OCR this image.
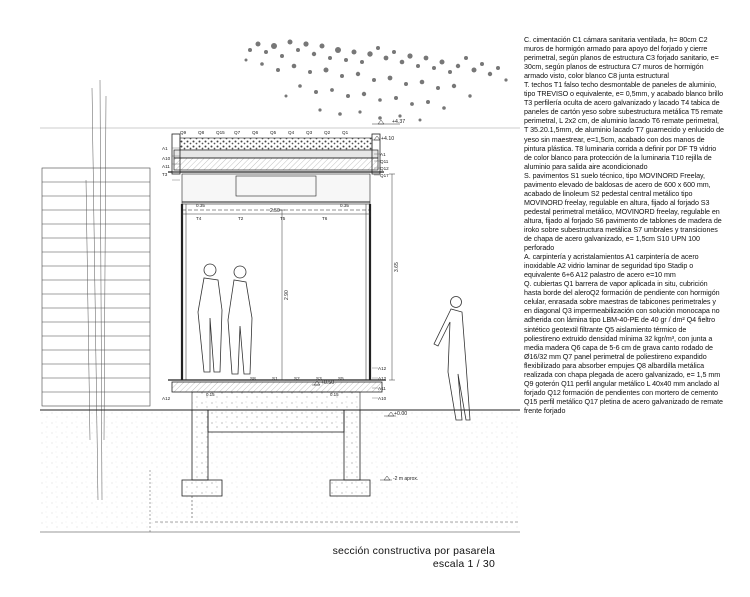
+4.37
+4.10
+0.50
+0.00
-2 m aprox.
2.50
2.90
3.65
0.35	0.35
0.15	0.15
Q9	Q8	Q15 Q7	Q6	Q5	Q4	Q3	Q2	Q1
A1
A10
A11
T3
A12
A1
Q11
Q12
Q17
T4	T2	T5	T6
A12
A12
A11
A10
S8	S1	S2	S3	S5

C. cimentación C1 cámara sanitaria ventilada, h= 80cm C2 muros de hormigón armado para apoyo del forjado y cierre perimetral, según planos de estructura C3 forjado sanitario, e= 30cm, según planos de estructura C7 muros de hormigón armado visto, color blanco C8 junta estructural

T. techos T1 falso techo desmontable de paneles de aluminio, tipo TREVISO o equivalente, e= 0,5mm, y acabado blanco brillo T3 perfilería oculta de acero galvanizado y lacado T4 tabica de paneles de cartón yeso sobre subestructura metálica T5 remate perimetral, L 2x2 cm, de aluminio lacado T6 remate perimetral, T 35.20.1,5mm, de aluminio lacado T7 guarnecido y enlucido de yeso sin maestrear, e=1,5cm, acabado con dos manos de pintura plástica. T8 luminaria corrida a definir por DF T9 vidrio de color blanco para protección de la luminaria T10 rejilla de aluminio para salida aire acondicionado

S. pavimentos S1 suelo técnico, tipo MOVINORD Freelay, pavimento elevado de baldosas de acero de 600 x 600 mm, acabado de linoleum S2 pedestal central metálico tipo MOVINORD freelay, regulable en altura, fijado al forjado S3 pedestal perimetral metálico, MOVINORD freelay, regulable en altura, fijado al forjado S6 pavimento de tablones de madera de iroko sobre subestructura metálica S7 umbrales y transiciones de chapa de acero galvanizado, e= 1,5cm S10 UPN 100 perforado

A. carpintería y acristalamientos A1 carpintería de acero inoxidable A2 vidrio laminar de seguridad tipo Stadip o equivalente 6+6 A12 palastro de acero e=10 mm

Q. cubiertas Q1 barrera de vapor aplicada in situ, cubrición hasta borde del aleroQ2 formación de pendiente con hormigón celular, enrasada sobre maestras de tabicones perimetrales y en diagonal Q3 impermeabilización con solución monocapa no adherida con lámina tipo LBM-40-PE de 40 gr / dm² Q4 fieltro sintético geotextil filtrante Q5 aislamiento térmico de poliestireno extruido densidad mínima 32 kgr/m³, con junta a media madera Q6 capa de 5-6 cm de grava canto rodado de Ø16/32 mm Q7 panel perimetral de poliestireno expandido flexibilizado para absorber empujes Q8 albardilla metálica realizada con chapa plegada de acero galvanizado, e= 1,5 mm Q9 goterón Q11 perfil angular metálico L 40x40 mm anclado al forjado Q12 formación de pendientes con mortero de cemento Q15 perfil metálico Q17 pletina de acero galvanizado de remate frente forjado

sección constructiva por pasarela
escala 1 / 30
